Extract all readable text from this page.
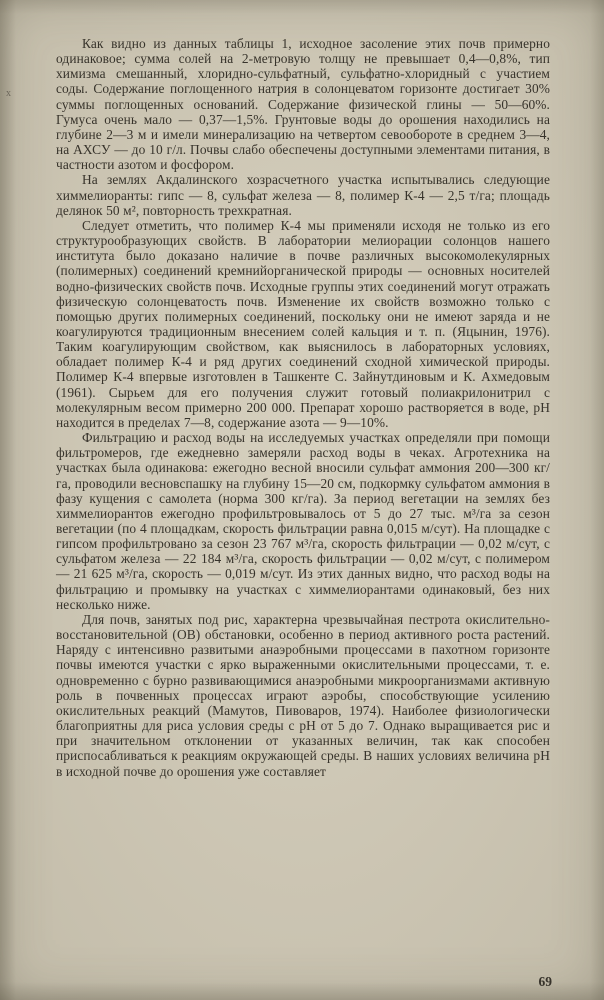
х

Как видно из данных таблицы 1, исходное засоление этих почв примерно одинаковое; сумма солей на 2-метровую толщу не превышает 0,4—0,8%, тип химизма смешанный, хлоридно-сульфатный, сульфатно-хлоридный с участием соды. Содержание поглощенного натрия в солонцеватом горизонте достигает 30% суммы поглощенных оснований. Содержание физической глины — 50—60%. Гумуса очень мало — 0,37—1,5%. Грунтовые воды до орошения находились на глубине 2—3 м и имели минерализацию на четвертом севообороте в среднем 3—4, на АХСУ — до 10 г/л. Почвы слабо обеспечены доступными элементами питания, в частности азотом и фосфором.

На землях Акдалинского хозрасчетного участка испытывались следующие химмелиоранты: гипс — 8, сульфат железа — 8, полимер К-4 — 2,5 т/га; площадь делянок 50 м², повторность трехкратная.

Следует отметить, что полимер К-4 мы применяли исходя не только из его структурообразующих свойств. В лаборатории мелиорации солонцов нашего института было доказано наличие в почве различных высокомолекулярных (полимерных) соединений кремнийорганической природы — основных носителей водно-физических свойств почв. Исходные группы этих соединений могут отражать физическую солонцеватость почв. Изменение их свойств возможно только с помощью других полимерных соединений, поскольку они не имеют заряда и не коагулируются традиционным внесением солей кальция и т. п. (Яцынин, 1976). Таким коагулирующим свойством, как выяснилось в лабораторных условиях, обладает полимер К-4 и ряд других соединений сходной химической природы. Полимер К-4 впервые изготовлен в Ташкенте С. Зайнутдиновым и К. Ахмедовым (1961). Сырьем для его получения служит готовый полиакрилонитрил с молекулярным весом примерно 200 000. Препарат хорошо растворяется в воде, pH находится в пределах 7—8, содержание азота — 9—10%.

Фильтрацию и расход воды на исследуемых участках определяли при помощи фильтромеров, где ежедневно замеряли расход воды в чеках. Агротехника на участках была одинакова: ежегодно весной вносили сульфат аммония 200—300 кг/га, проводили весновспашку на глубину 15—20 см, подкормку сульфатом аммония в фазу кущения с самолета (норма 300 кг/га). За период вегетации на землях без химмелиорантов ежегодно профильтровывалось от 5 до 27 тыс. м³/га за сезон вегетации (по 4 площадкам, скорость фильтрации равна 0,015 м/сут). На площадке с гипсом профильтровано за сезон 23 767 м³/га, скорость фильтрации — 0,02 м/сут, с сульфатом железа — 22 184 м³/га, скорость фильтрации — 0,02 м/сут, с полимером — 21 625 м³/га, скорость — 0,019 м/сут. Из этих данных видно, что расход воды на фильтрацию и промывку на участках с химмелиорантами одинаковый, без них несколько ниже.

Для почв, занятых под рис, характерна чрезвычайная пестрота окислительно-восстановительной (ОВ) обстановки, особенно в период активного роста растений. Наряду с интенсивно развитыми анаэробными процессами в пахотном горизонте почвы имеются участки с ярко выраженными окислительными процессами, т. е. одновременно с бурно развивающимися анаэробными микроорганизмами активную роль в почвенных процессах играют аэробы, способствующие усилению окислительных реакций (Мамутов, Пивоваров, 1974). Наиболее физиологически благоприятны для риса условия среды с pH от 5 до 7. Однако выращивается рис и при значительном отклонении от указанных величин, так как способен приспосабливаться к реакциям окружающей среды. В наших условиях величина pH в исходной почве до орошения уже составляет

69
